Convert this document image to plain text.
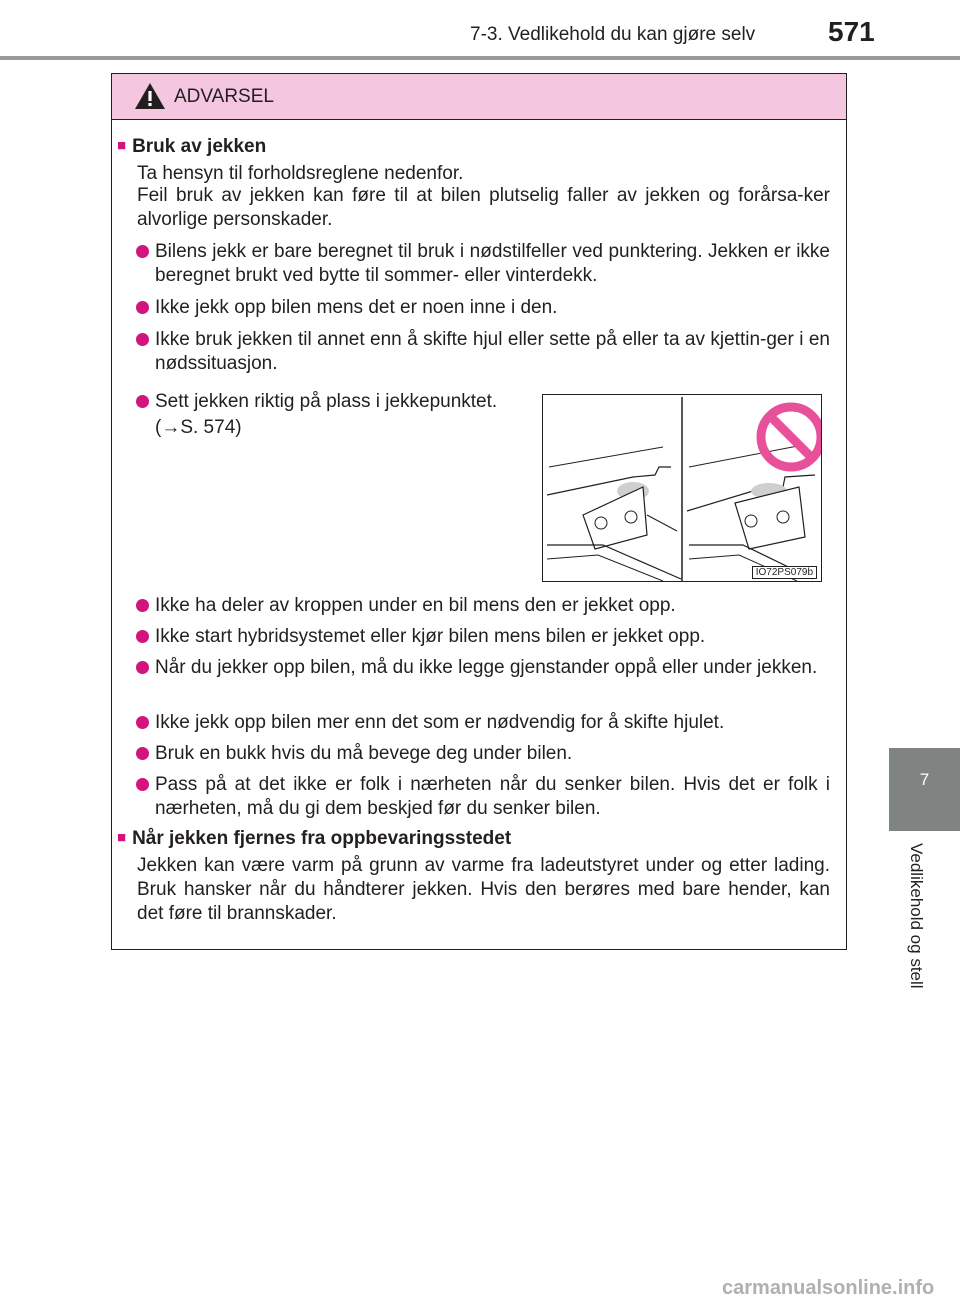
7-3. Vedlikehold du kan gjøre selv	571
7
Vedlikehold og stell
ADVARSEL
■ Bruk av jekken
Ta hensyn til forholdsreglene nedenfor.
Feil bruk av jekken kan føre til at bilen plutselig faller av jekken og forårsa-ker alvorlige personskader.
Bilens jekk er bare beregnet til bruk i nødstilfeller ved punktering. Jekken er ikke beregnet brukt ved bytte til sommer- eller vinterdekk.
Ikke jekk opp bilen mens det er noen inne i den.
Ikke bruk jekken til annet enn å skifte hjul eller sette på eller ta av kjettin-ger i en nødssituasjon.
Sett jekken riktig på plass i jekkepunktet.
(→S. 574)
IO72PS079b
Ikke ha deler av kroppen under en bil mens den er jekket opp.
Ikke start hybridsystemet eller kjør bilen mens bilen er jekket opp.
Når du jekker opp bilen, må du ikke legge gjenstander oppå eller under jekken.
Ikke jekk opp bilen mer enn det som er nødvendig for å skifte hjulet.
Bruk en bukk hvis du må bevege deg under bilen.
Pass på at det ikke er folk i nærheten når du senker bilen. Hvis det er folk i nærheten, må du gi dem beskjed før du senker bilen.
■ Når jekken fjernes fra oppbevaringsstedet
Jekken kan være varm på grunn av varme fra ladeutstyret under og etter lading. Bruk hansker når du håndterer jekken. Hvis den berøres med bare hender, kan det føre til brannskader.
carmanualsonline.info
